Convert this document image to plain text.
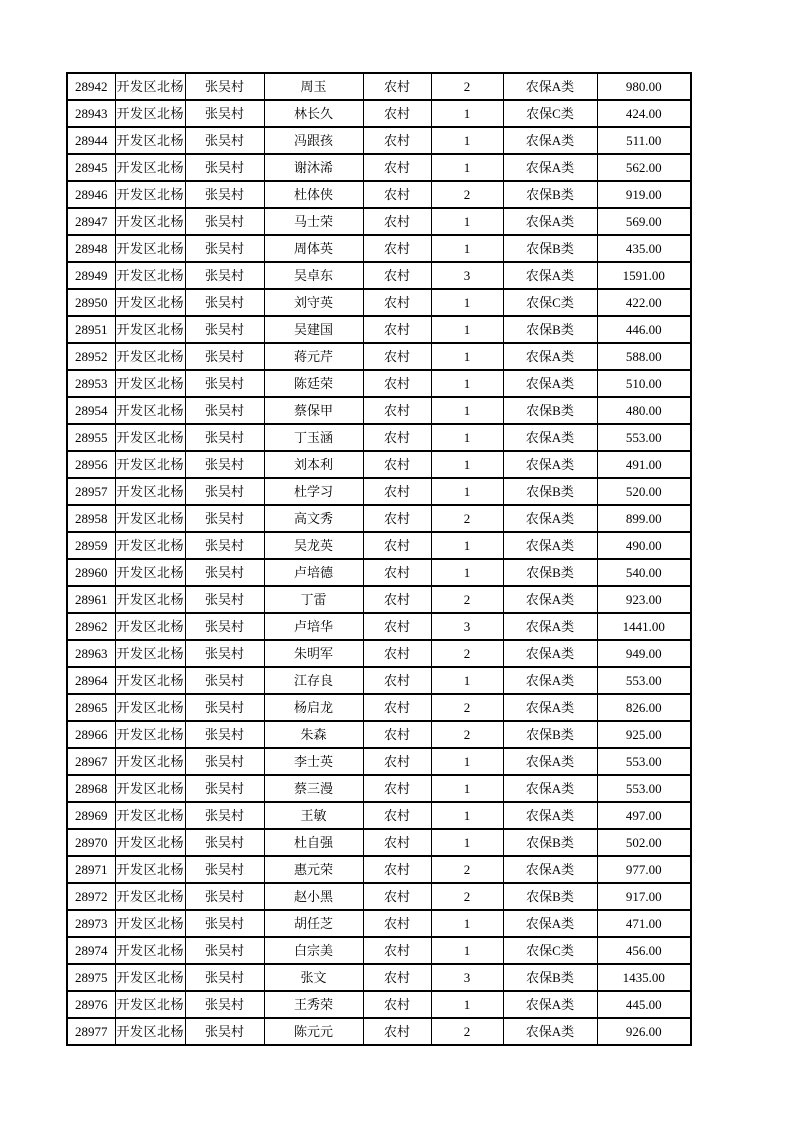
28942	开发区北杨	张吴村	周玉	农村	2	农保A类	980.00
28943	开发区北杨	张吴村	林长久	农村	1	农保C类	424.00
28944	开发区北杨	张吴村	冯跟孩	农村	1	农保A类	511.00
28945	开发区北杨	张吴村	谢沐浠	农村	1	农保A类	562.00
28946	开发区北杨	张吴村	杜体侠	农村	2	农保B类	919.00
28947	开发区北杨	张吴村	马士荣	农村	1	农保A类	569.00
28948	开发区北杨	张吴村	周体英	农村	1	农保B类	435.00
28949	开发区北杨	张吴村	吴卓东	农村	3	农保A类	1591.00
28950	开发区北杨	张吴村	刘守英	农村	1	农保C类	422.00
28951	开发区北杨	张吴村	吴建国	农村	1	农保B类	446.00
28952	开发区北杨	张吴村	蒋元芹	农村	1	农保A类	588.00
28953	开发区北杨	张吴村	陈廷荣	农村	1	农保A类	510.00
28954	开发区北杨	张吴村	蔡保甲	农村	1	农保B类	480.00
28955	开发区北杨	张吴村	丁玉涵	农村	1	农保A类	553.00
28956	开发区北杨	张吴村	刘本利	农村	1	农保A类	491.00
28957	开发区北杨	张吴村	杜学习	农村	1	农保B类	520.00
28958	开发区北杨	张吴村	高文秀	农村	2	农保A类	899.00
28959	开发区北杨	张吴村	吴龙英	农村	1	农保A类	490.00
28960	开发区北杨	张吴村	卢培德	农村	1	农保B类	540.00
28961	开发区北杨	张吴村	丁雷	农村	2	农保A类	923.00
28962	开发区北杨	张吴村	卢培华	农村	3	农保A类	1441.00
28963	开发区北杨	张吴村	朱明军	农村	2	农保A类	949.00
28964	开发区北杨	张吴村	江存良	农村	1	农保A类	553.00
28965	开发区北杨	张吴村	杨启龙	农村	2	农保A类	826.00
28966	开发区北杨	张吴村	朱森	农村	2	农保B类	925.00
28967	开发区北杨	张吴村	李士英	农村	1	农保A类	553.00
28968	开发区北杨	张吴村	蔡三漫	农村	1	农保A类	553.00
28969	开发区北杨	张吴村	王敏	农村	1	农保A类	497.00
28970	开发区北杨	张吴村	杜自强	农村	1	农保B类	502.00
28971	开发区北杨	张吴村	惠元荣	农村	2	农保A类	977.00
28972	开发区北杨	张吴村	赵小黑	农村	2	农保B类	917.00
28973	开发区北杨	张吴村	胡任芝	农村	1	农保A类	471.00
28974	开发区北杨	张吴村	白宗美	农村	1	农保C类	456.00
28975	开发区北杨	张吴村	张文	农村	3	农保B类	1435.00
28976	开发区北杨	张吴村	王秀荣	农村	1	农保A类	445.00
28977	开发区北杨	张吴村	陈元元	农村	2	农保A类	926.00
